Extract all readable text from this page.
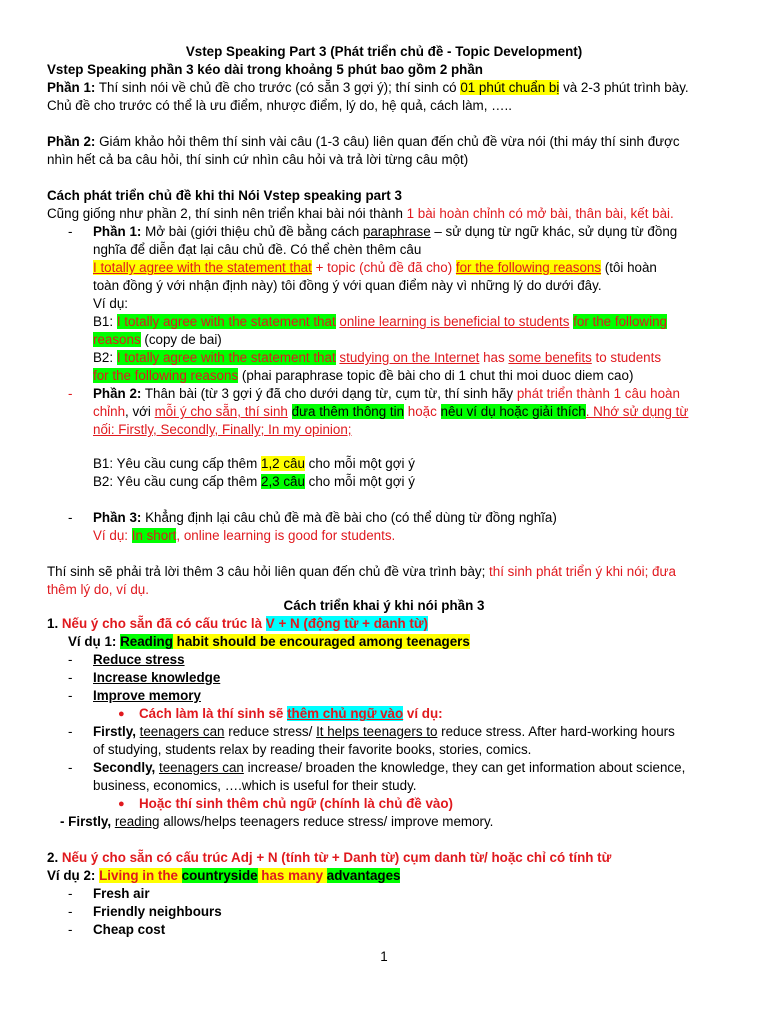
Vstep Speaking Part 3 (Phát triển chủ đề - Topic Development)
Vstep Speaking phần 3 kéo dài trong khoảng 5 phút bao gồm 2 phần
Phần 1: Thí sinh nói về chủ đề cho trước (có sẵn 3 gợi ý); thí sinh có 01 phút chuẩn bị và 2-3 phút trình bày.
Chủ đề cho trước có thể là ưu điểm, nhược điểm, lý do, hệ quả, cách làm, …..
Phần 2: Giám khảo hỏi thêm thí sinh vài câu (1-3 câu) liên quan đến chủ đề vừa nói (thi máy thí sinh được
nhìn hết cả ba câu hỏi, thí sinh cứ nhìn câu hỏi và trả lời từng câu một)
Cách phát triển chủ đề khi thi Nói Vstep speaking part 3
Cũng giống như phần 2, thí sinh nên triển khai bài nói thành 1 bài hoàn chỉnh có mở bài, thân bài, kết bài.
- Phần 1: Mở bài (giới thiệu chủ đề bằng cách paraphrase – sử dụng từ ngữ khác, sử dụng từ đồng
nghĩa để diễn đạt lại câu chủ đề. Có thể chèn thêm câu
I totally agree with the statement that + topic (chủ đề đã cho) for the following reasons (tôi hoàn
toàn đồng ý với nhận định này) tôi đồng ý với quan điểm này vì những lý do dưới đây.
Ví dụ:
B1: I totally agree with the statement that online learning is beneficial to students for the following
reasons (copy de bai)
B2: I totally agree with the statement that studying on the Internet has some benefits to students
for the following reasons (phai paraphrase topic đề bài cho di 1 chut thi moi duoc diem cao)
- Phần 2: Thân bài (từ 3 gợi ý đã cho dưới dạng từ, cụm từ, thí sinh hãy phát triển thành 1 câu hoàn
chỉnh, với mỗi ý cho sẵn, thí sinh đưa thêm thông tin hoặc nêu ví dụ hoặc giải thích. Nhớ sử dụng từ
nối: Firstly, Secondly, Finally; In my opinion;
B1: Yêu cầu cung cấp thêm 1,2 câu cho mỗi một gợi ý
B2: Yêu cầu cung cấp thêm 2,3 câu cho mỗi một gợi ý
- Phần 3: Khẳng định lại câu chủ đề mà đề bài cho (có thể dùng từ đồng nghĩa)
Ví dụ: In short, online learning is good for students.
Thí sinh sẽ phải trả lời thêm 3 câu hỏi liên quan đến chủ đề vừa trình bày; thí sinh phát triển ý khi nói; đưa
thêm lý do, ví dụ.
Cách triển khai ý khi nói phần 3
1. Nếu ý cho sẵn đã có cấu trúc là V + N (động từ + danh từ)
Ví dụ 1: Reading habit should be encouraged among teenagers
- Reduce stress
- Increase knowledge
- Improve memory
● Cách làm là thí sinh sẽ thêm chủ ngữ vào ví dụ:
- Firstly, teenagers can reduce stress/ It helps teenagers to reduce stress. After hard-working hours
of studying, students relax by reading their favorite books, stories, comics.
- Secondly, teenagers can increase/ broaden the knowledge, they can get information about science,
business, economics, ….which is useful for their study.
● Hoặc thí sinh thêm chủ ngữ (chính là chủ đề vào)
- Firstly, reading allows/helps teenagers reduce stress/ improve memory.
2. Nếu ý cho sẵn có cấu trúc Adj + N (tính từ + Danh từ) cụm danh từ/ hoặc chỉ có tính từ
Ví dụ 2: Living in the countryside has many advantages
- Fresh air
- Friendly neighbours
- Cheap cost
1
